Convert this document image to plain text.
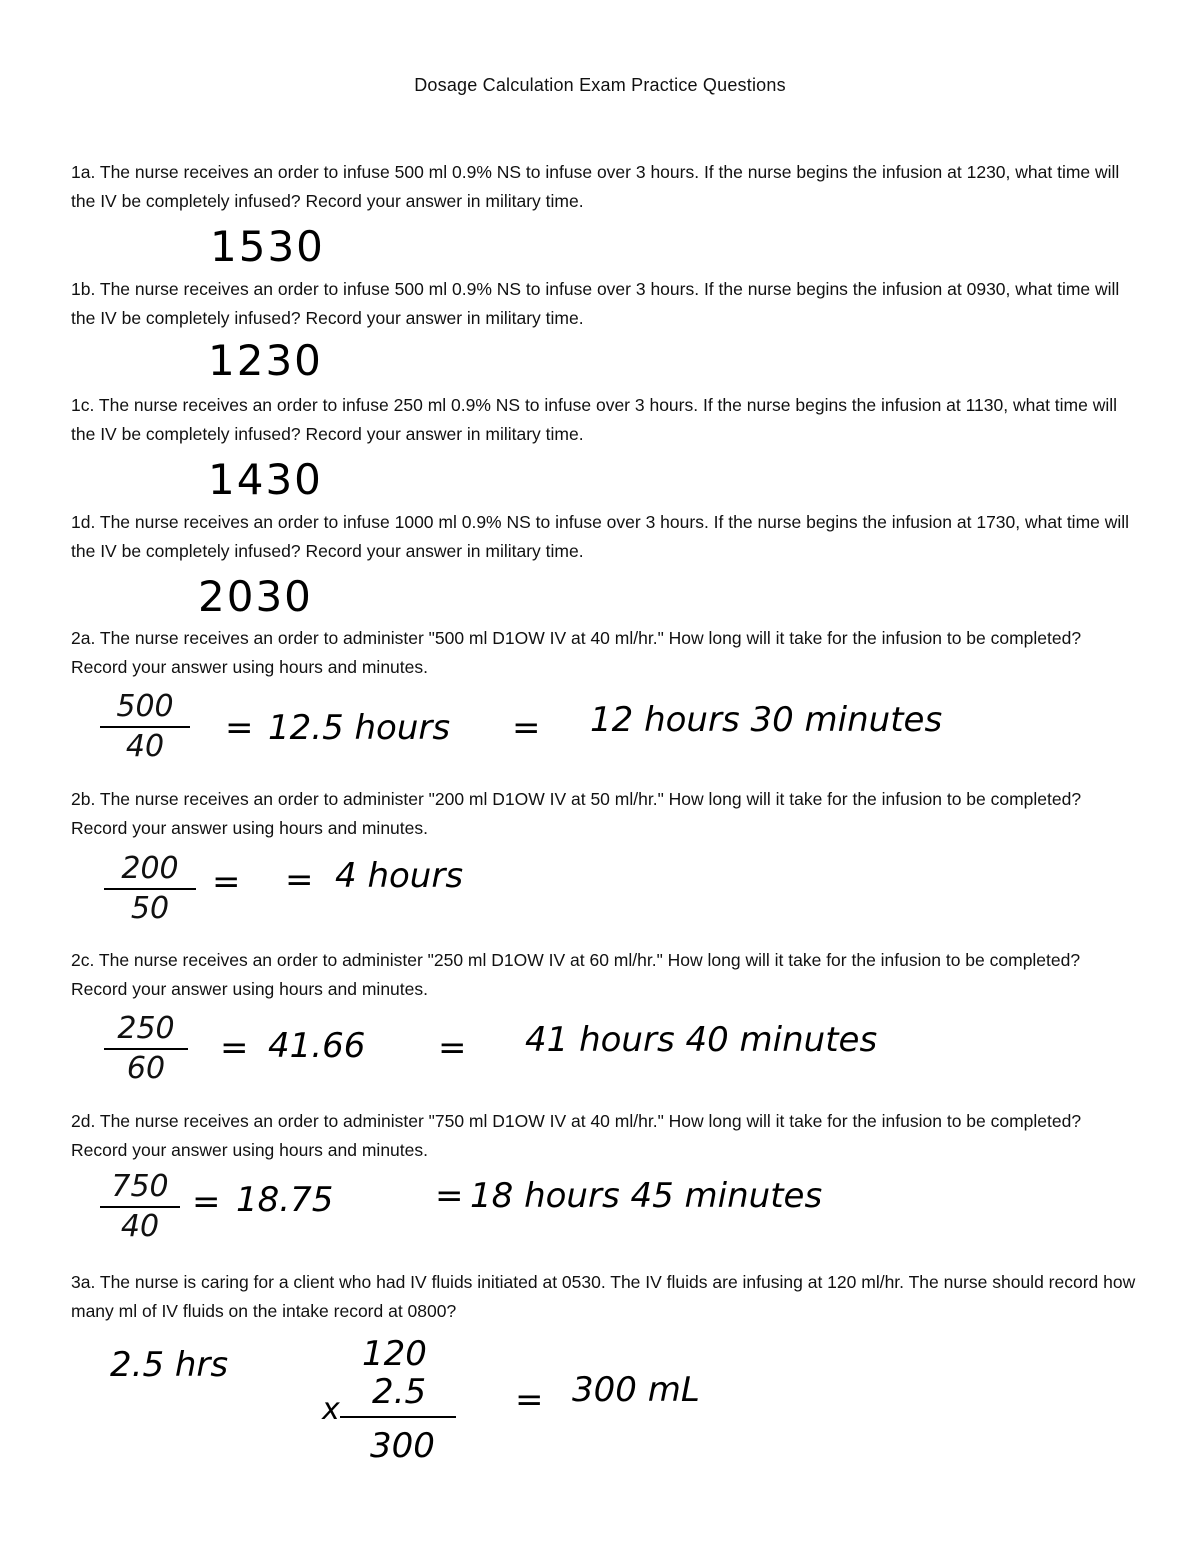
Dosage Calculation Exam Practice Questions
1a. The nurse receives an order to infuse 500 ml 0.9% NS to infuse over 3 hours. If the nurse begins the infusion at 1230, what time will the IV be completely infused? Record your answer in military time.
1530
1b. The nurse receives an order to infuse 500 ml 0.9% NS to infuse over 3 hours. If the nurse begins the infusion at 0930, what time will the IV be completely infused? Record your answer in military time.
1230
1c. The nurse receives an order to infuse 250 ml 0.9% NS to infuse over 3 hours. If the nurse begins the infusion at 1130, what time will the IV be completely infused? Record your answer in military time.
1430
1d. The nurse receives an order to infuse 1000 ml 0.9% NS to infuse over 3 hours. If the nurse begins the infusion at 1730, what time will the IV be completely infused? Record your answer in military time.
2030
2a. The nurse receives an order to administer "500 ml D1OW IV at 40 ml/hr." How long will it take for the infusion to be completed? Record your answer using hours and minutes.
500
40	= 12.5 hours = 12 hours 30 minutes
2b. The nurse receives an order to administer "200 ml D1OW IV at 50 ml/hr." How long will it take for the infusion to be completed? Record your answer using hours and minutes.
200
50
= = 4 hours
2c. The nurse receives an order to administer "250 ml D1OW IV at 60 ml/hr." How long will it take for the infusion to be completed? Record your answer using hours and minutes.
250
60
= 41.66 = 41 hours 40 minutes
2d. The nurse receives an order to administer "750 ml D1OW IV at 40 ml/hr." How long will it take for the infusion to be completed? Record your answer using hours and minutes.
750
40
= 18.75	= 18 hours 45 minutes
3a. The nurse is caring for a client who had IV fluids initiated at 0530. The IV fluids are infusing at 120 ml/hr. The nurse should record how many ml of IV fluids on the intake record at 0800?
2.5 hrs	120
2.5
x
300
= 300 mL
